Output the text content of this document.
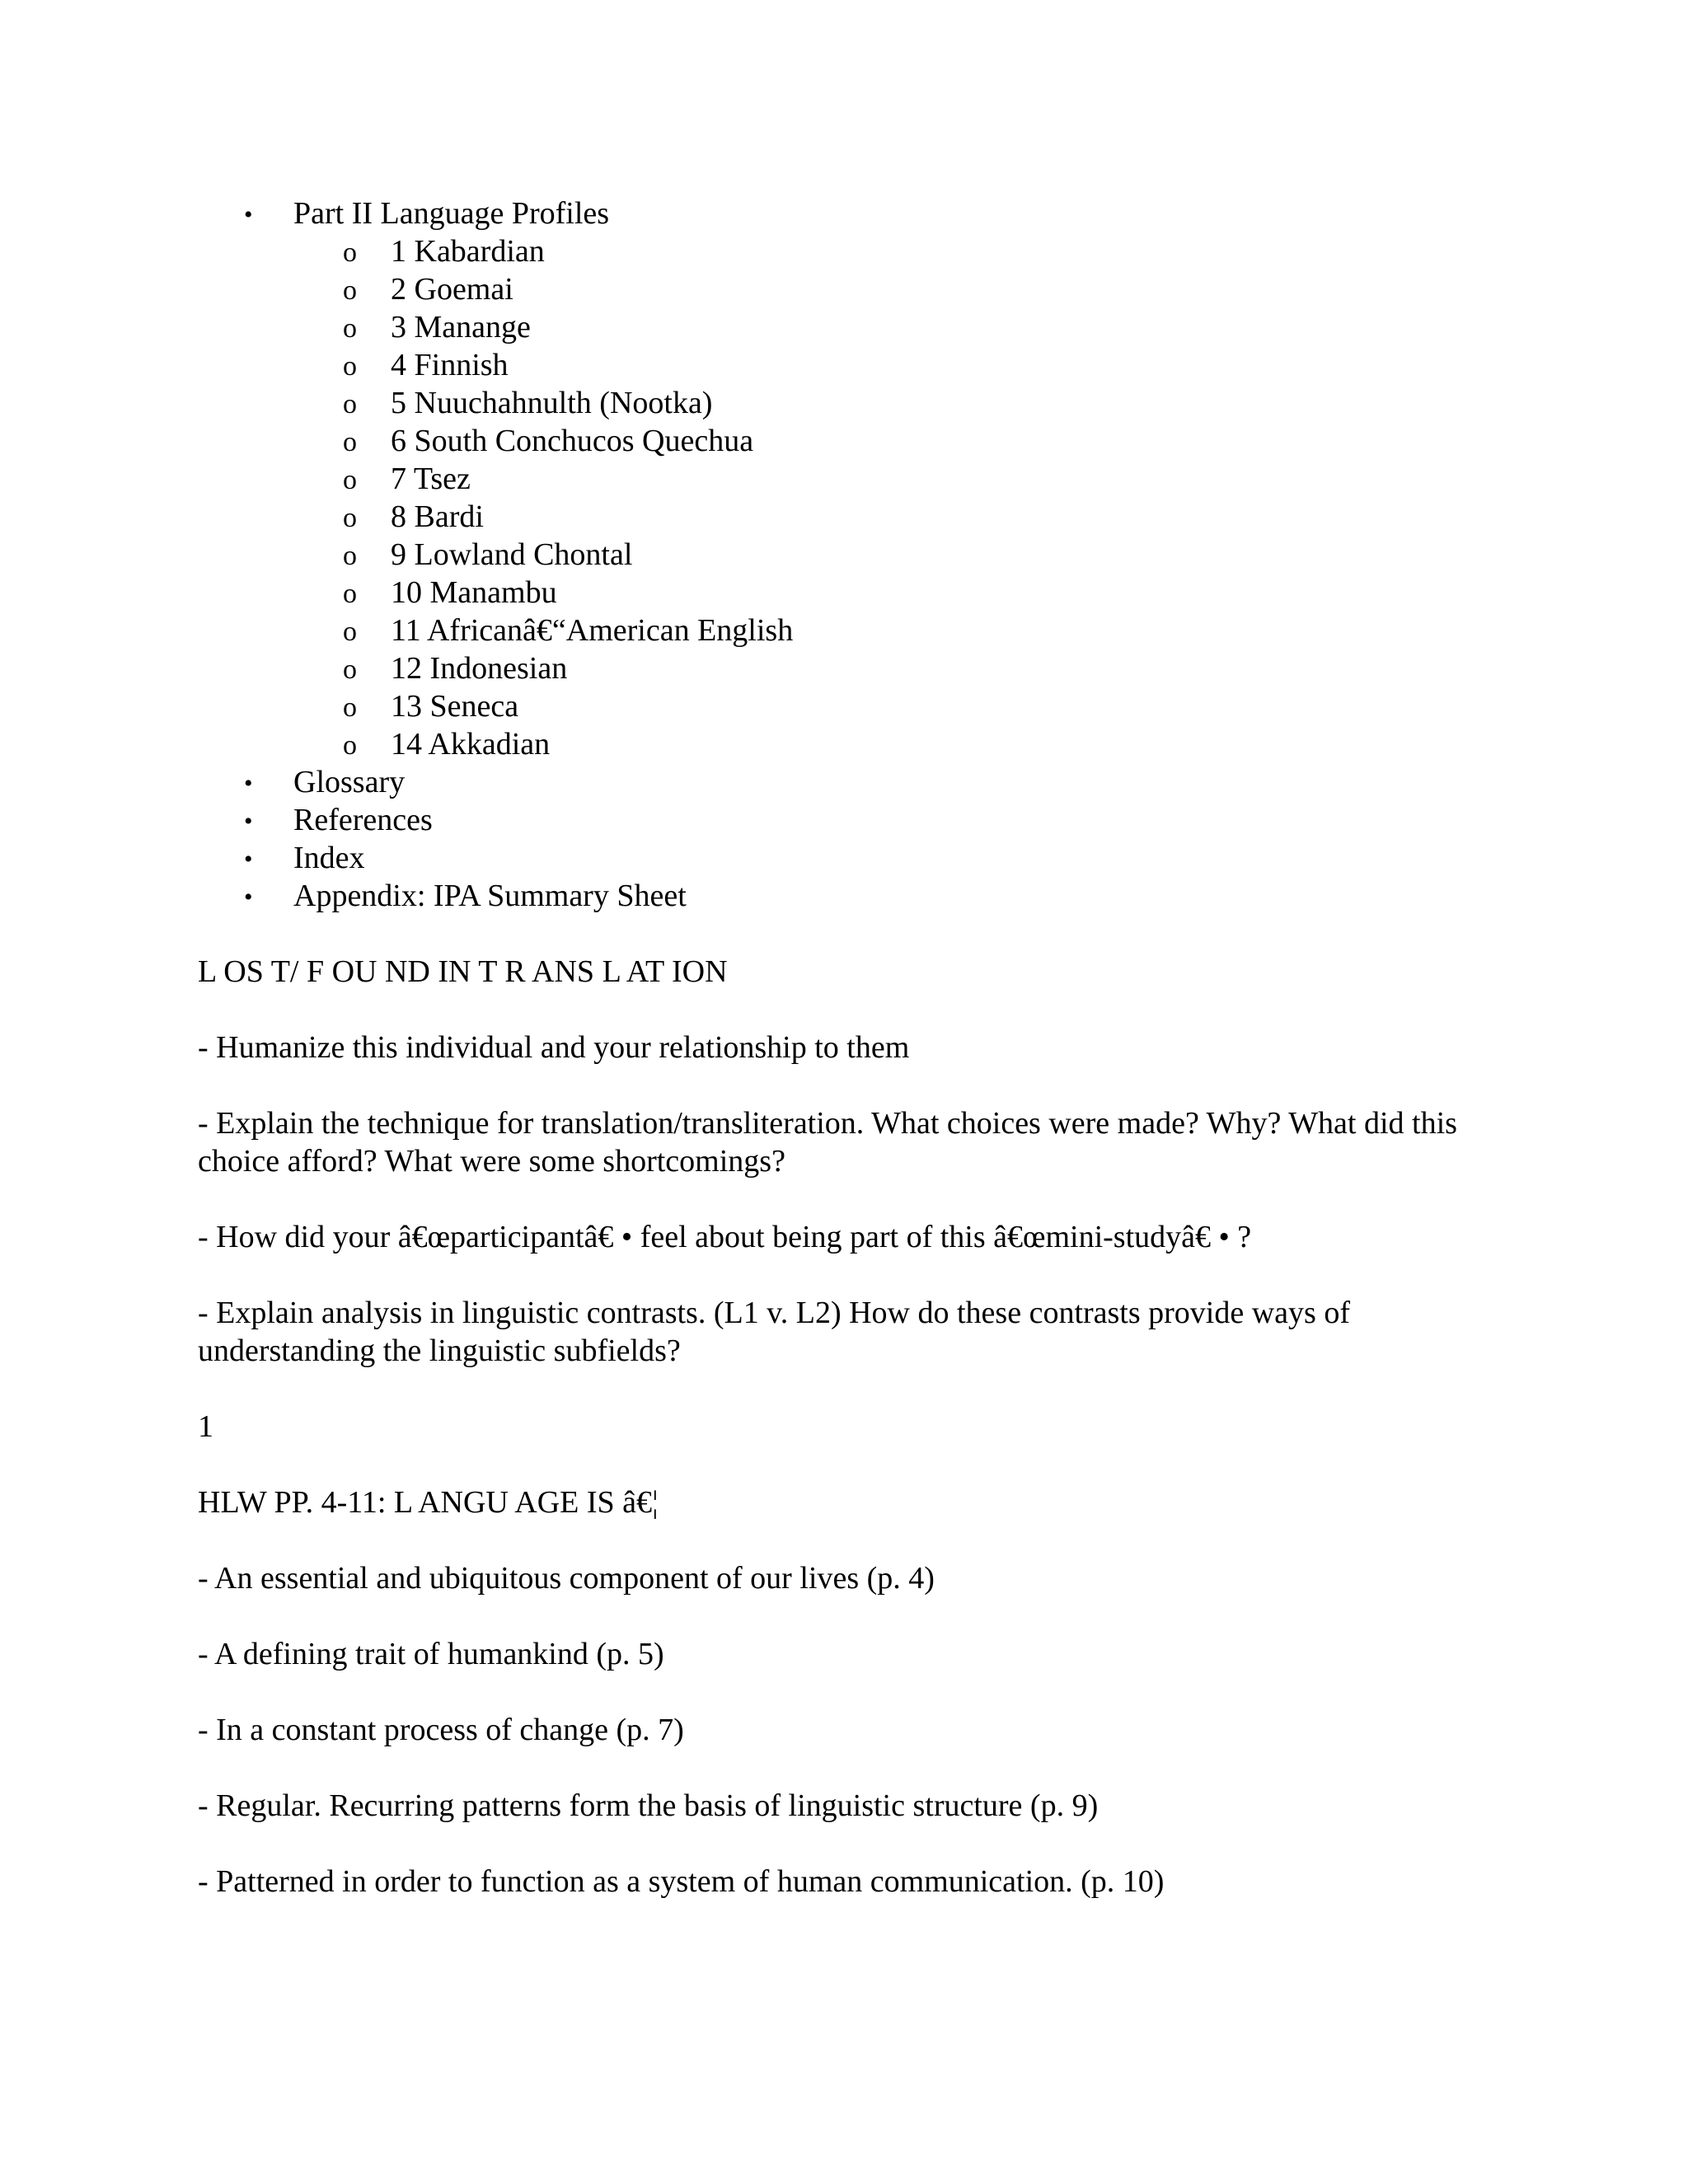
• Part II Language Profiles
o 1 Kabardian
o 2 Goemai
o 3 Manange
o 4 Finnish
o 5 Nuuchahnulth (Nootka)
o 6 South Conchucos Quechua
o 7 Tsez
o 8 Bardi
o 9 Lowland Chontal
o 10 Manambu
o 11 Africanâ€“American English
o 12 Indonesian
o 13 Seneca
o 14 Akkadian
• Glossary
• References
• Index
• Appendix: IPA Summary Sheet
L OS T/ F OU ND IN T R ANS L AT ION
- Humanize this individual and your relationship to them
- Explain the technique for translation/transliteration. What choices were made? Why? What did this choice afford? What were some shortcomings?
- How did your â€œparticipantâ€ • feel about being part of this â€œmini-studyâ€ • ?
- Explain analysis in linguistic contrasts. (L1 v. L2) How do these contrasts provide ways of understanding the linguistic subfields?
1
HLW PP. 4-11: L ANGU AGE IS â€¦
- An essential and ubiquitous component of our lives (p. 4)
- A defining trait of humankind (p. 5)
- In a constant process of change (p. 7)
- Regular. Recurring patterns form the basis of linguistic structure (p. 9)
- Patterned in order to function as a system of human communication. (p. 10)
